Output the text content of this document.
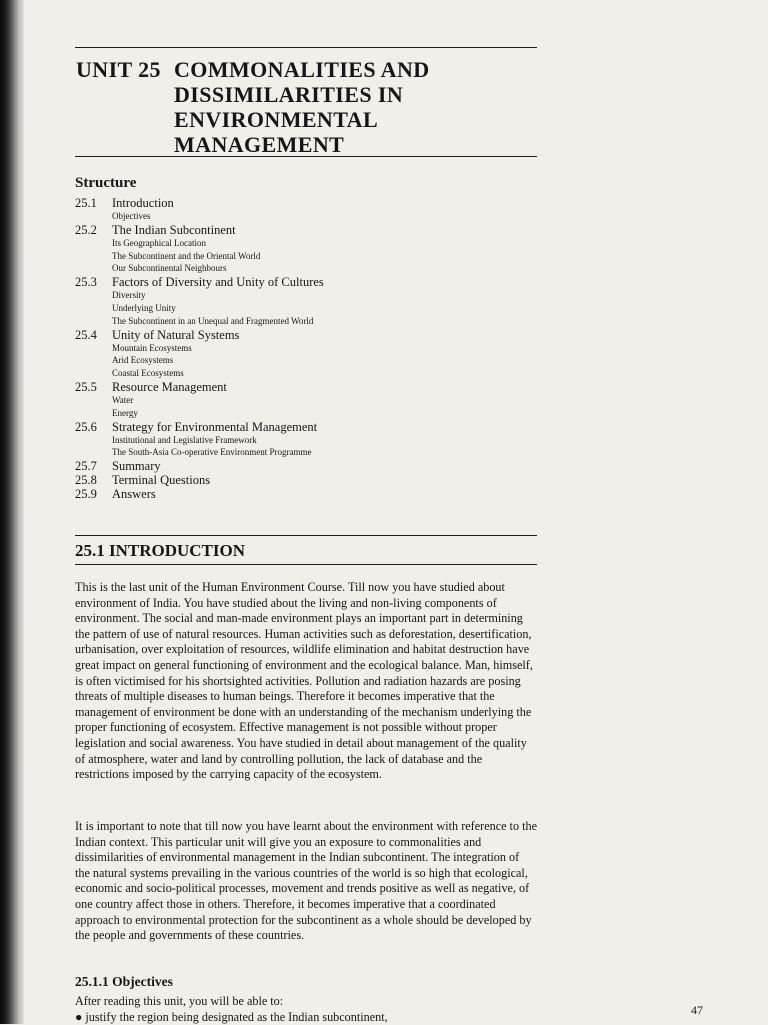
UNIT 25 COMMONALITIES AND
DISSIMILARITIES IN
ENVIRONMENTAL
MANAGEMENT
Structure
25.1	Introduction
Objectives
25.2	The Indian Subcontinent
Its Geographical Location
The Subcontinent and the Oriental World
Our Subcontinental Neighbours
25.3	Factors of Diversity and Unity of Cultures
Diversity
Underlying Unity
The Subcontinent in an Unequal and Fragmented World
25.4	Unity of Natural Systems
Mountain Ecosystems
Arid Ecosystems
Coastal Ecosystems
25.5	Resource Management
Water
Energy
25.6	Strategy for Environmental Management
Institutional and Legislative Framework
The South-Asia Co-operative Environment Programme
25.7	Summary
25.8	Terminal Questions
25.9	Answers
25.1 INTRODUCTION

This is the last unit of the Human Environment Course. Till now you have studied about environment of India. You have studied about the living and non-living components of environment. The social and man-made environment plays an important part in determining the pattern of use of natural resources. Human activities such as deforestation, desertification, urbanisation, over exploitation of resources, wildlife elimination and habitat destruction have great impact on general functioning of environment and the ecological balance. Man, himself, is often victimised for his shortsighted activities. Pollution and radiation hazards are posing threats of multiple diseases to human beings. Therefore it becomes imperative that the management of environment be done with an understanding of the mechanism underlying the proper functioning of ecosystem. Effective management is not possible without proper legislation and social awareness. You have studied in detail about management of the quality of atmosphere, water and land by controlling pollution, the lack of database and the restrictions imposed by the carrying capacity of the ecosystem.

It is important to note that till now you have learnt about the environment with reference to the Indian context. This particular unit will give you an exposure to commonalities and dissimilarities of environmental management in the Indian subcontinent. The integration of the natural systems prevailing in the various countries of the world is so high that ecological, economic and socio-political processes, movement and trends positive as well as negative, of one country affect those in others. Therefore, it becomes imperative that a coordinated approach to environmental protection for the subcontinent as a whole should be developed by the people and governments of these countries.

25.1.1 Objectives
After reading this unit, you will be able to:
● justify the region being designated as the Indian subcontinent,	47
